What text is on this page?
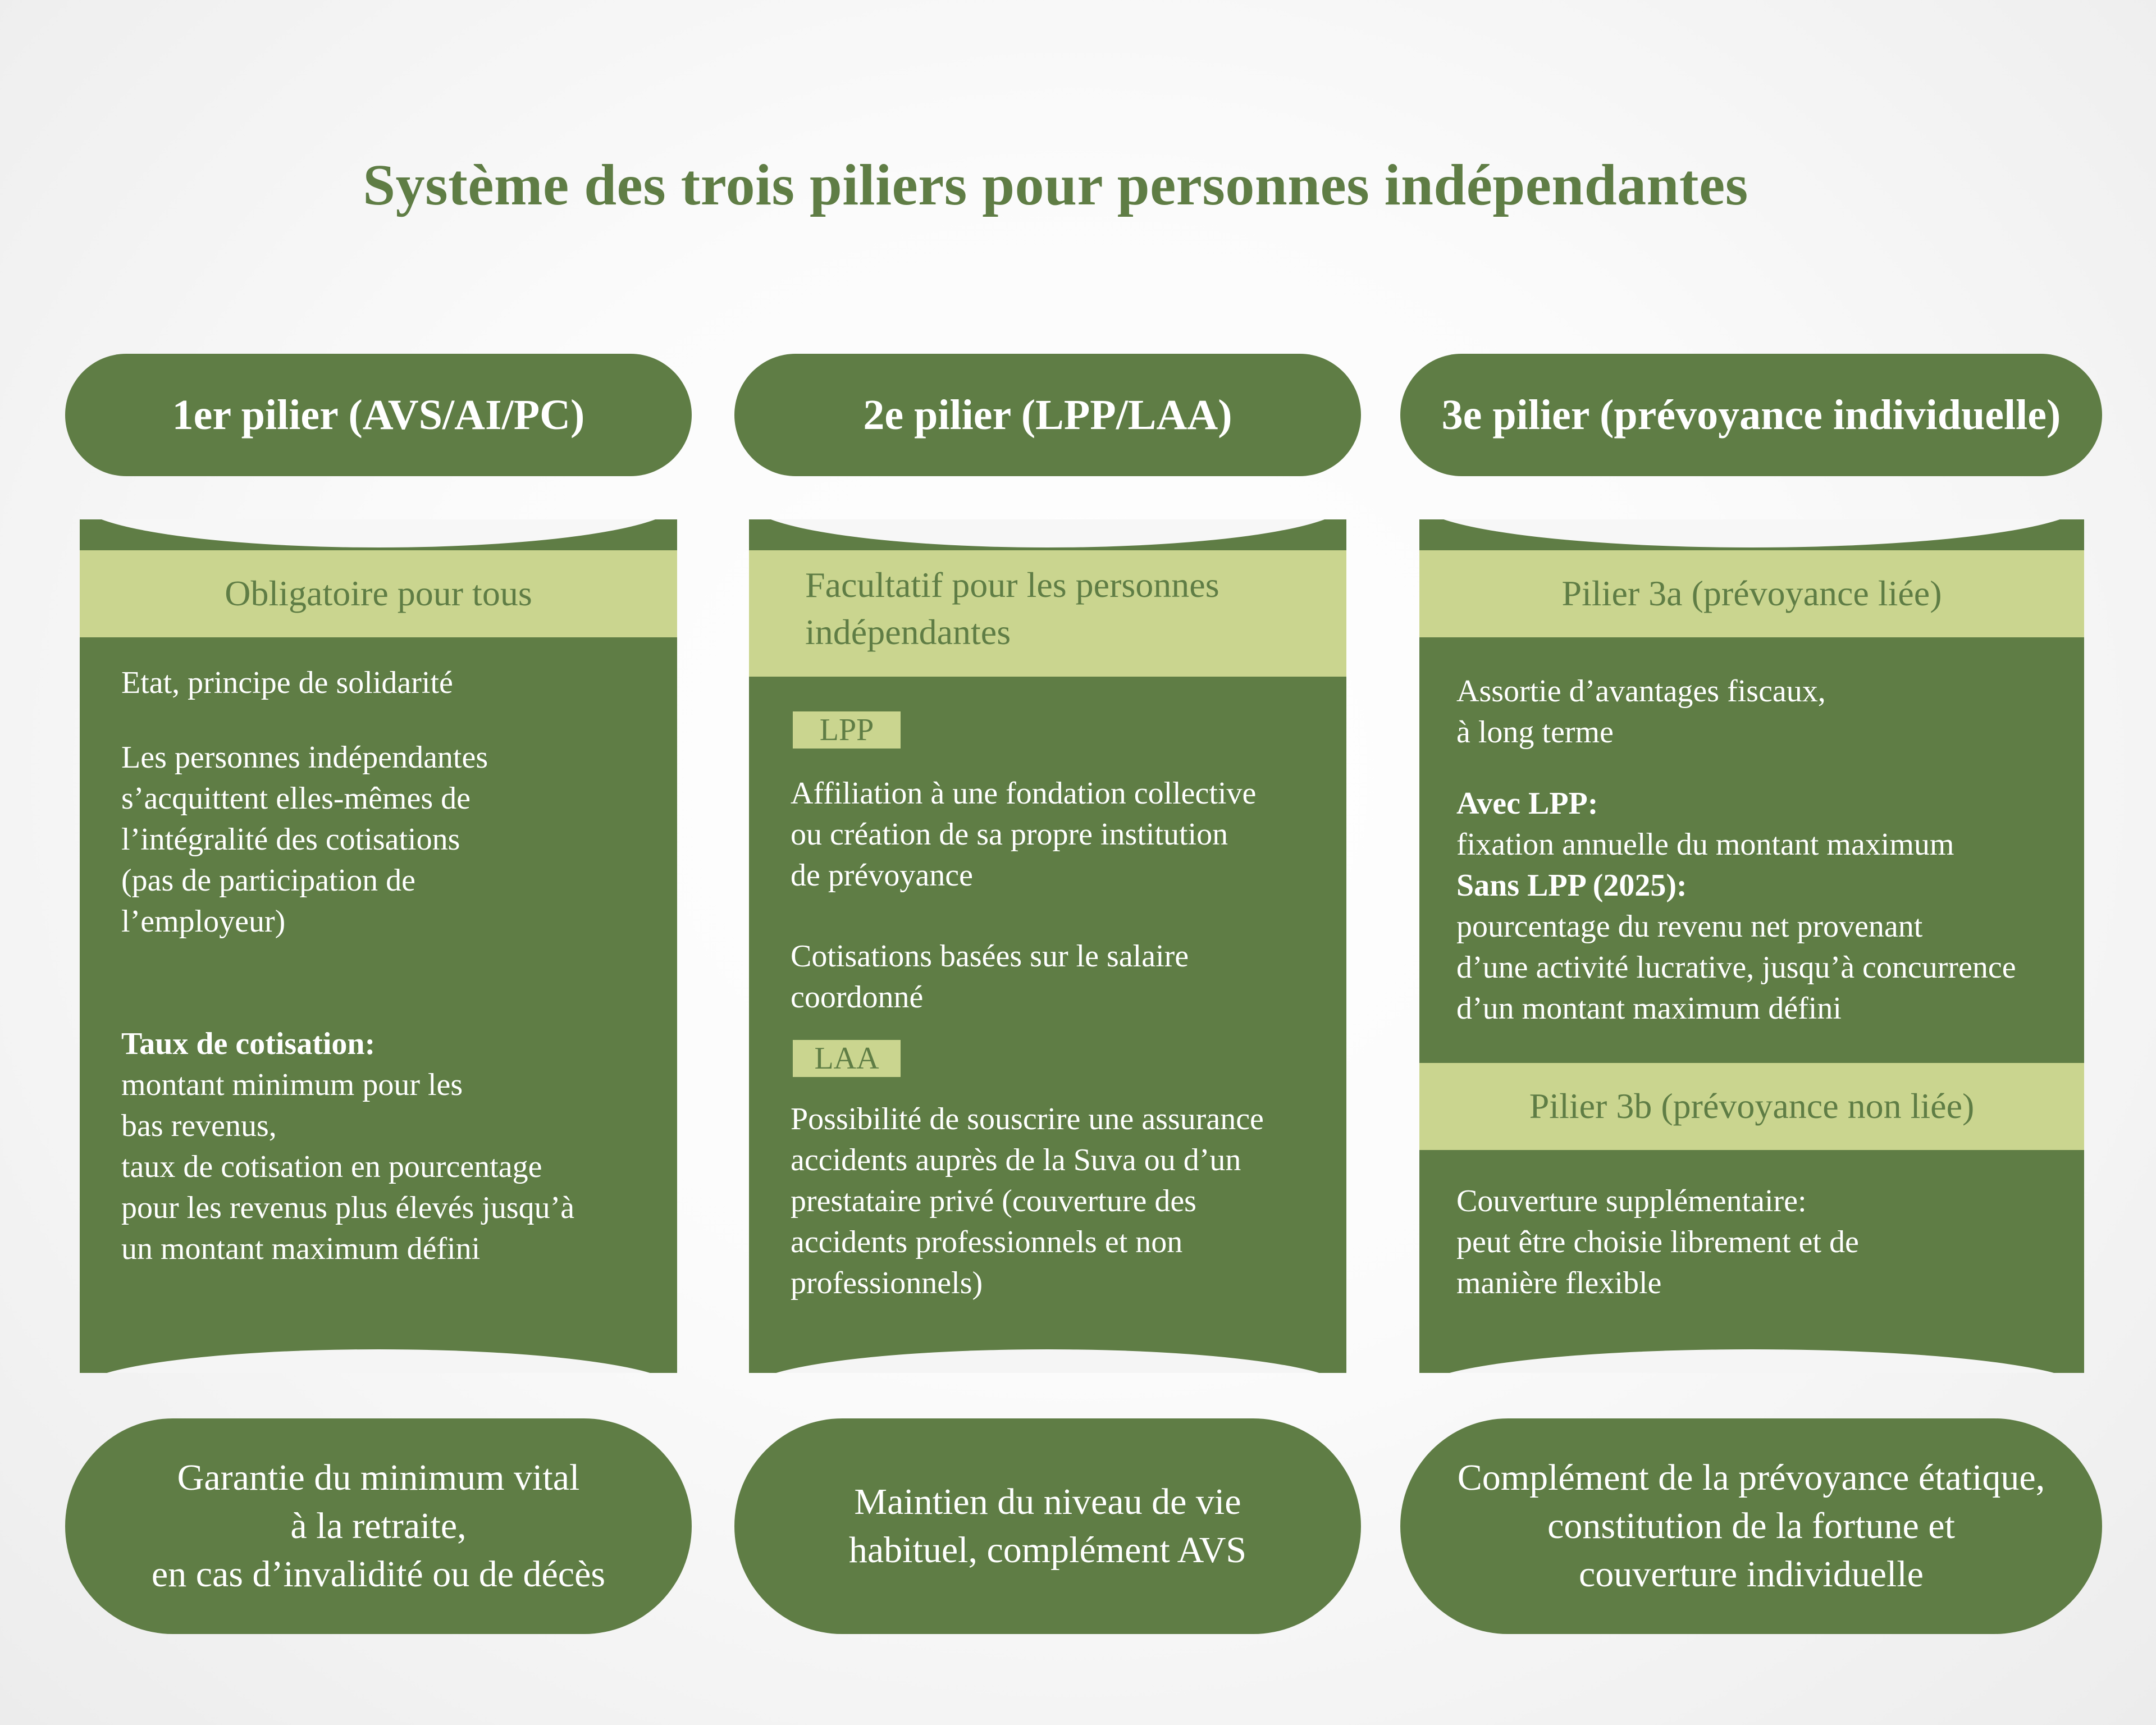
Système des trois piliers pour personnes indépendantes
1er pilier (AVS/AI/PC)	2e pilier (LPP/LAA)	3e pilier (prévoyance individuelle)
Obligatoire pour tous
Etat, principe de solidarité
Les personnes indépendantes
s’acquittent elles-mêmes de
l’intégralité des cotisations
(pas de participation de
l’employeur)
Taux de cotisation:
montant minimum pour les
bas revenus,
taux de cotisation en pourcentage
pour les revenus plus élevés jusqu’à
un montant maximum défini
Facultatif pour les personnes
indépendantes
LPP
Affiliation à une fondation collective
ou création de sa propre institution
de prévoyance
Cotisations basées sur le salaire
coordonné
LAA
Possibilité de souscrire une assurance
accidents auprès de la Suva ou d’un
prestataire privé (couverture des
accidents professionnels et non
professionnels)
Pilier 3a (prévoyance liée)
Assortie d’avantages fiscaux,
à long terme
Avec LPP:
fixation annuelle du montant maximum
Sans LPP (2025):
pourcentage du revenu net provenant
d’une activité lucrative, jusqu’à concurrence
d’un montant maximum défini
Pilier 3b (prévoyance non liée)
Couverture supplémentaire:
peut être choisie librement et de
manière flexible
Garantie du minimum vital
à la retraite,
en cas d’invalidité ou de décès
Maintien du niveau de vie
habituel, complément AVS
Complément de la prévoyance étatique,
constitution de la fortune et
couverture individuelle
